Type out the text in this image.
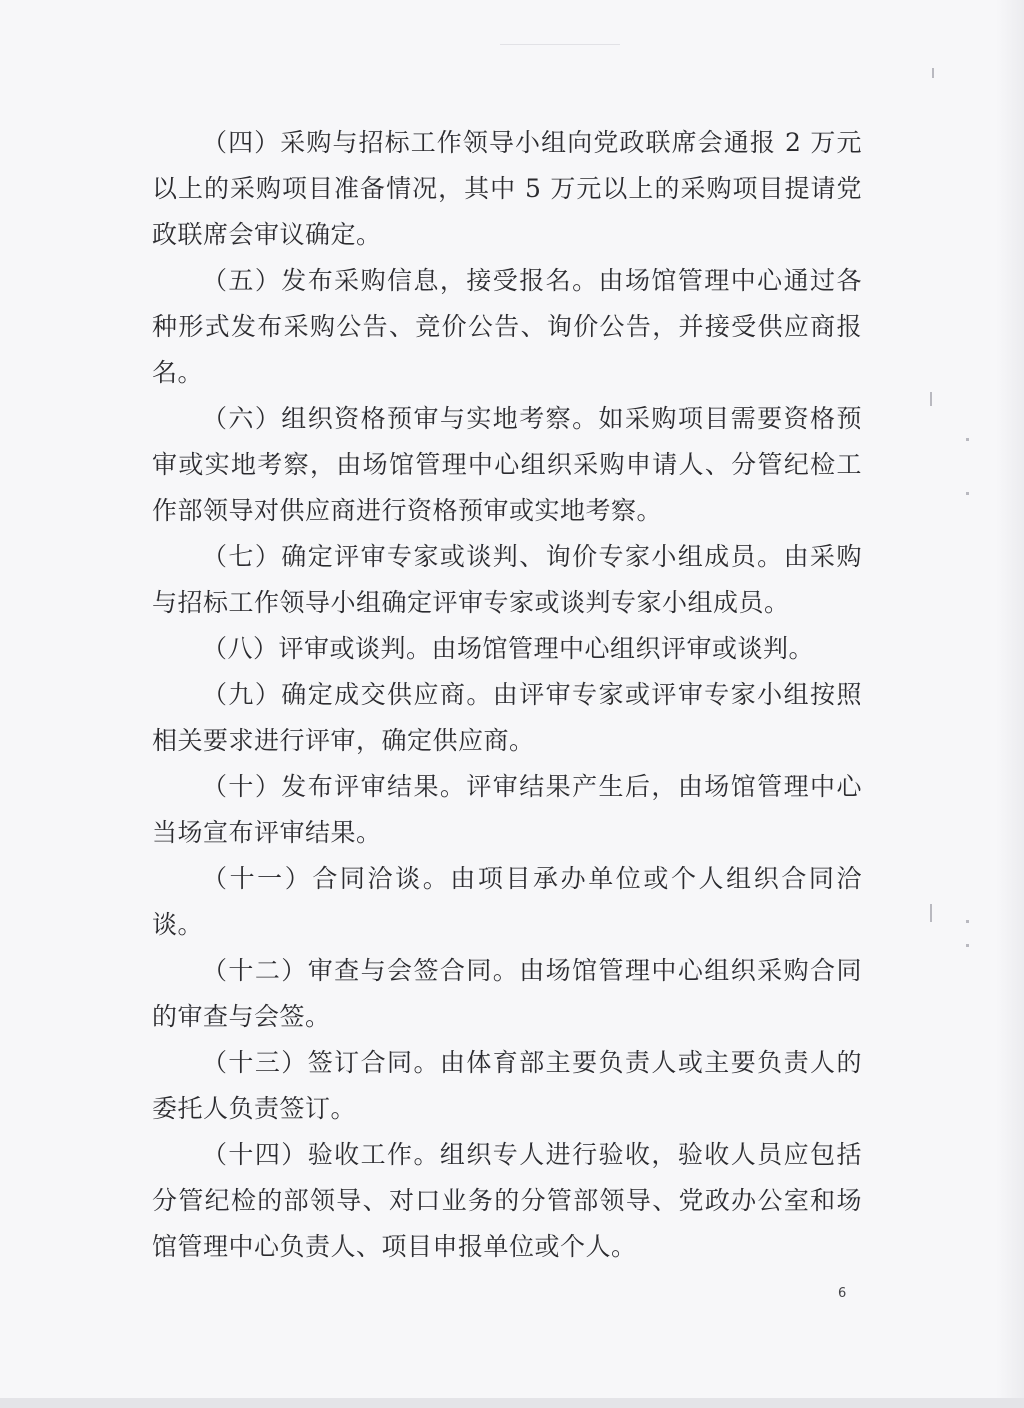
（四）采购与招标工作领导小组向党政联席会通报 2 万元以上的采购项目准备情况，其中 5 万元以上的采购项目提请党政联席会审议确定。

（五）发布采购信息，接受报名。由场馆管理中心通过各种形式发布采购公告、竞价公告、询价公告，并接受供应商报名。

（六）组织资格预审与实地考察。如采购项目需要资格预审或实地考察，由场馆管理中心组织采购申请人、分管纪检工作部领导对供应商进行资格预审或实地考察。

（七）确定评审专家或谈判、询价专家小组成员。由采购与招标工作领导小组确定评审专家或谈判专家小组成员。

（八）评审或谈判。由场馆管理中心组织评审或谈判。

（九）确定成交供应商。由评审专家或评审专家小组按照相关要求进行评审，确定供应商。

（十）发布评审结果。评审结果产生后，由场馆管理中心当场宣布评审结果。

（十一）合同洽谈。由项目承办单位或个人组织合同洽谈。

（十二）审查与会签合同。由场馆管理中心组织采购合同的审查与会签。

（十三）签订合同。由体育部主要负责人或主要负责人的委托人负责签订。

（十四）验收工作。组织专人进行验收，验收人员应包括分管纪检的部领导、对口业务的分管部领导、党政办公室和场馆管理中心负责人、项目申报单位或个人。

6
